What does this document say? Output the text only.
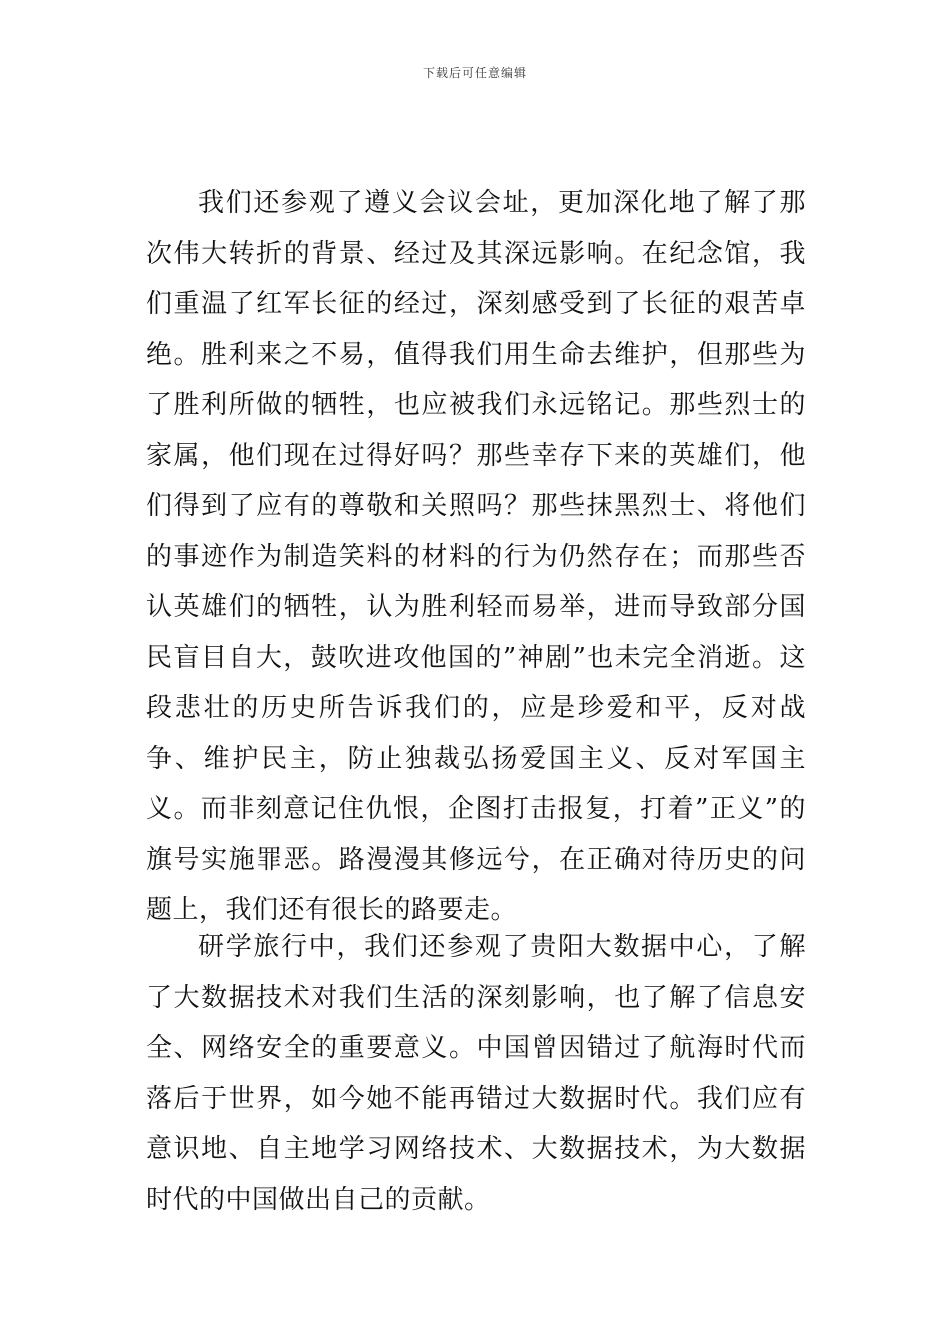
下载后可任意编辑

我们还参观了遵义会议会址，更加深化地了解了那次伟大转折的背景、经过及其深远影响。在纪念馆，我们重温了红军长征的经过，深刻感受到了长征的艰苦卓绝。胜利来之不易，值得我们用生命去维护，但那些为了胜利所做的牺牲，也应被我们永远铭记。那些烈士的家属，他们现在过得好吗？那些幸存下来的英雄们，他们得到了应有的尊敬和关照吗？那些抹黑烈士、将他们的事迹作为制造笑料的材料的行为仍然存在；而那些否认英雄们的牺牲，认为胜利轻而易举，进而导致部分国民盲目自大，鼓吹进攻他国的”神剧”也未完全消逝。这段悲壮的历史所告诉我们的，应是珍爱和平，反对战争、维护民主，防止独裁弘扬爱国主义、反对军国主义。而非刻意记住仇恨，企图打击报复，打着”正义”的旗号实施罪恶。路漫漫其修远兮，在正确对待历史的问题上，我们还有很长的路要走。

研学旅行中，我们还参观了贵阳大数据中心，了解了大数据技术对我们生活的深刻影响，也了解了信息安全、网络安全的重要意义。中国曾因错过了航海时代而落后于世界，如今她不能再错过大数据时代。我们应有意识地、自主地学习网络技术、大数据技术，为大数据时代的中国做出自己的贡献。
